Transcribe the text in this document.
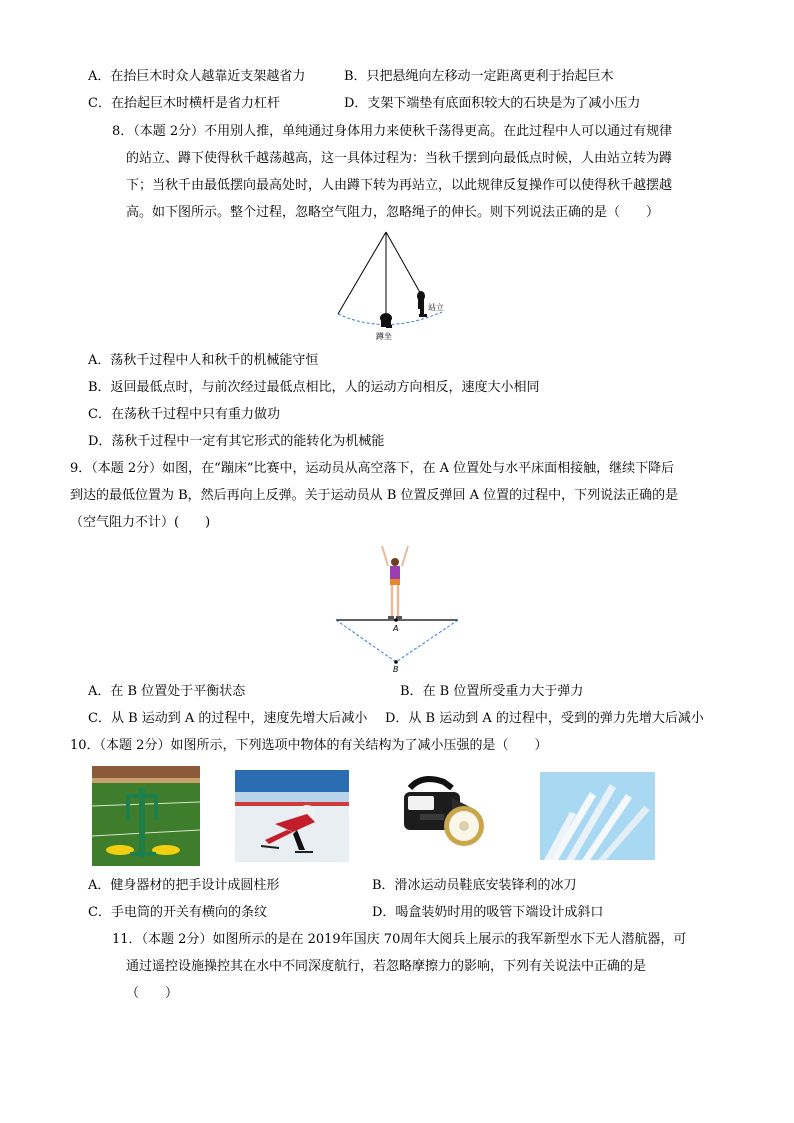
A．在抬巨木时众人越靠近支架越省力	B．只把悬绳向左移动一定距离更利于抬起巨木
C．在抬起巨木时横杆是省力杠杆	D．支架下端垫有底面积较大的石块是为了减小压力
8．（本题 2分）不用别人推，单纯通过身体用力来使秋千荡得更高。在此过程中人可以通过有规律
的站立、蹲下使得秋千越荡越高，这一具体过程为：当秋千摆到向最低点时候，人由站立转为蹲
下；当秋千由最低摆向最高处时，人由蹲下转为再站立，以此规律反复操作可以使得秋千越摆越
高。如下图所示。整个过程，忽略空气阻力，忽略绳子的伸长。则下列说法正确的是（　　）
站立
蹲坐
A．荡秋千过程中人和秋千的机械能守恒
B．返回最低点时，与前次经过最低点相比，人的运动方向相反，速度大小相同
C．在荡秋千过程中只有重力做功
D．荡秋千过程中一定有其它形式的能转化为机械能
9．（本题 2分）如图，在“蹦床”比赛中，运动员从高空落下，在 A 位置处与水平床面相接触，继续下降后
到达的最低位置为 B，然后再向上反弹。关于运动员从 B 位置反弹回 A 位置的过程中，下列说法正确的是
（空气阻力不计）(　　)
A
B
A．在 B 位置处于平衡状态	B．在 B 位置所受重力大于弹力
C．从 B 运动到 A 的过程中，速度先增大后减小 D．从 B 运动到 A 的过程中，受到的弹力先增大后减小
10．（本题 2分）如图所示，下列选项中物体的有关结构为了减小压强的是（　　）
A．健身器材的把手设计成圆柱形	B．滑冰运动员鞋底安装锋利的冰刀
C．手电筒的开关有横向的条纹	D．喝盒装奶时用的吸管下端设计成斜口
11．（本题 2分）如图所示的是在 2019年国庆 70周年大阅兵上展示的我军新型水下无人潜航器，可
通过遥控设施操控其在水中不同深度航行，若忽略摩擦力的影响，下列有关说法中正确的是
（　　）
